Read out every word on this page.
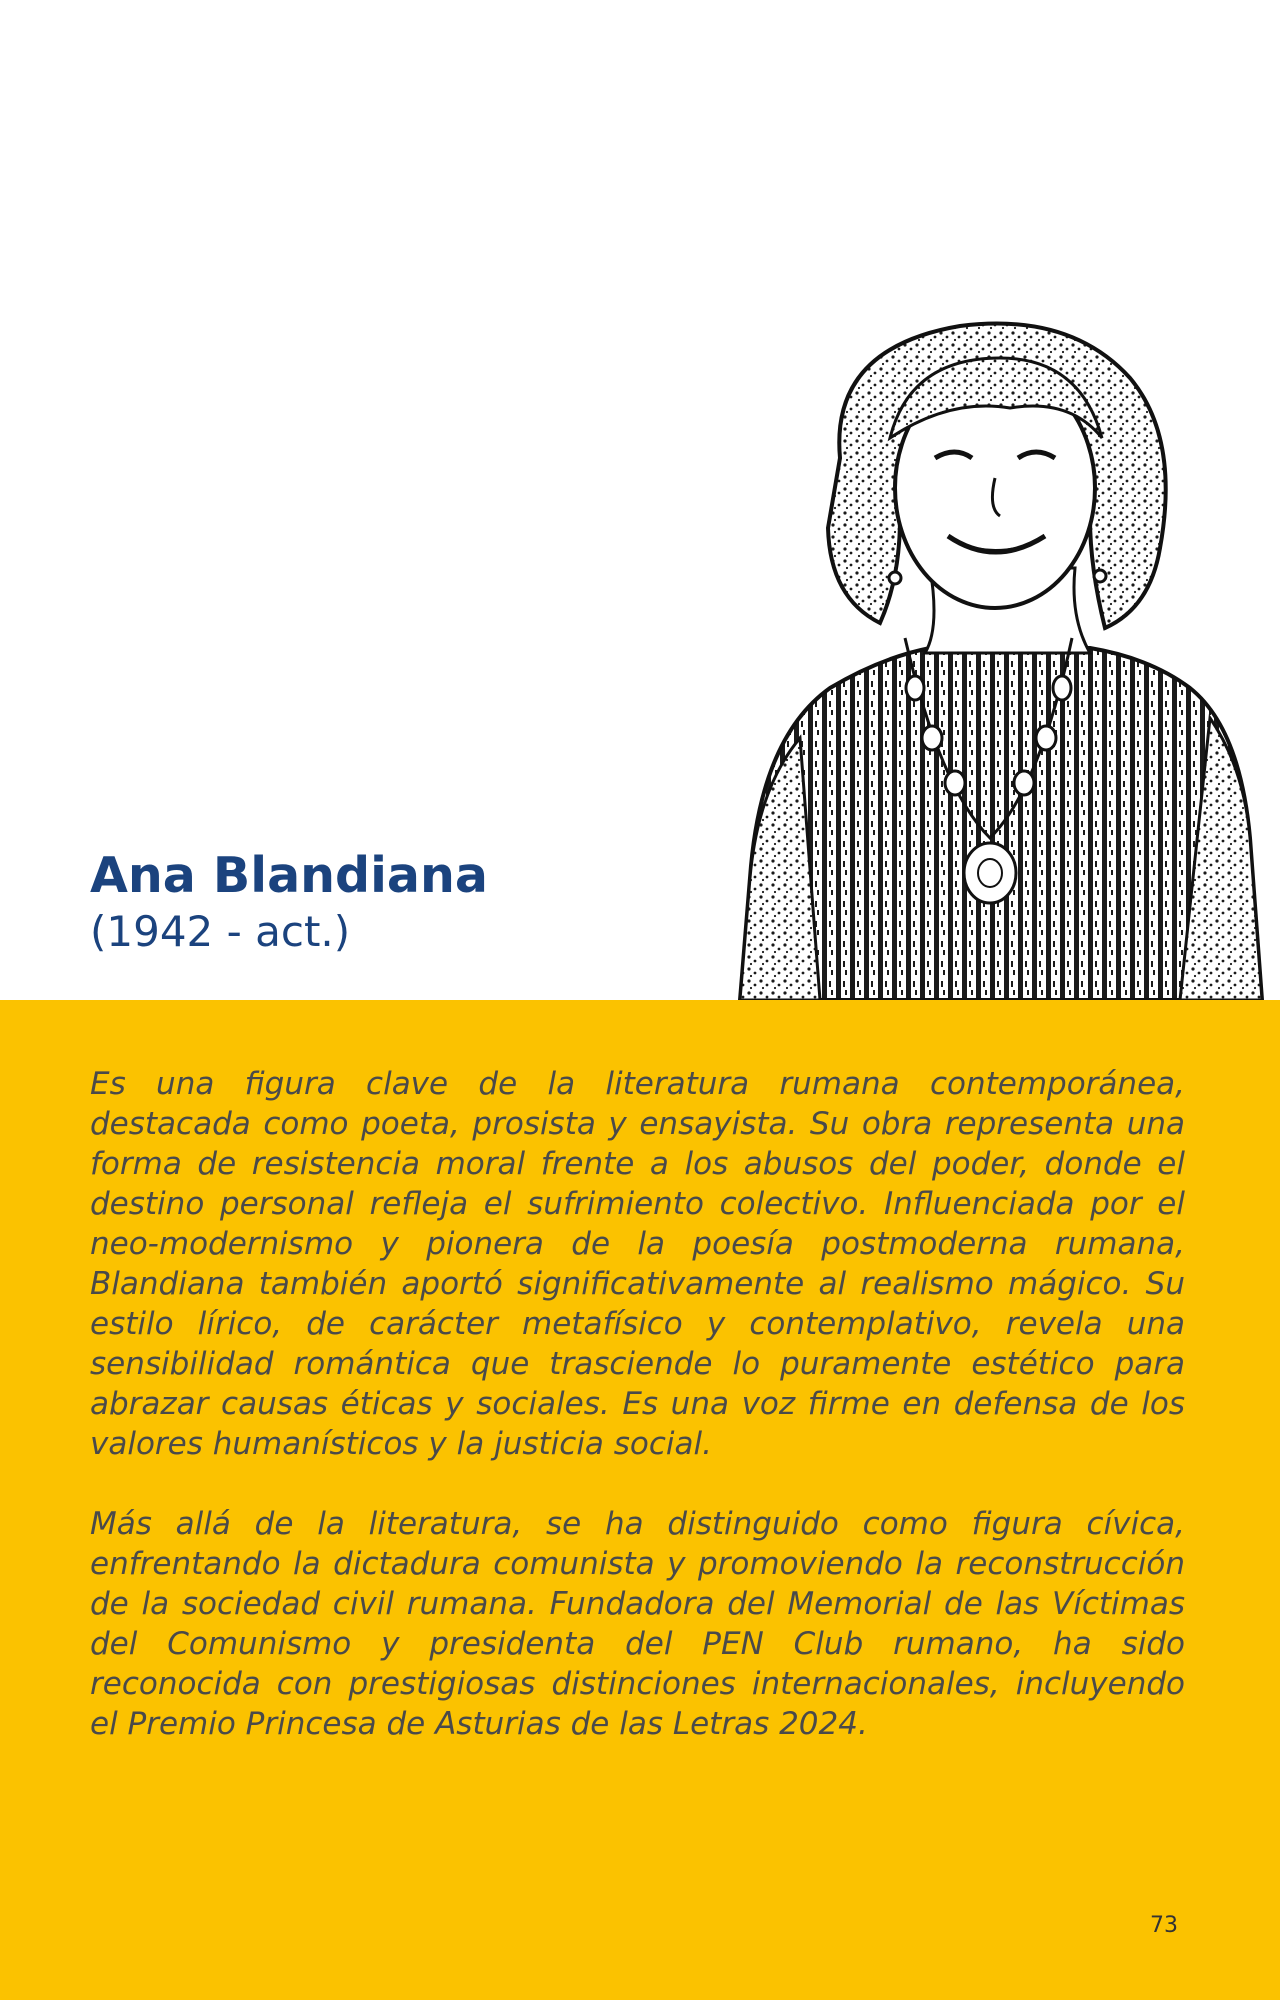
Ana Blandiana
(1942 - act.)

Es una figura clave de la literatura rumana contemporánea, destacada como poeta, prosista y ensayista. Su obra representa una forma de resistencia moral frente a los abusos del poder, donde el destino personal refleja el sufrimiento colectivo. Influenciada por el neo-modernismo y pionera de la poesía postmoderna rumana, Blandiana también aportó significativamente al realismo mágico. Su estilo lírico, de carácter metafísico y contemplativo, revela una sensibilidad romántica que trasciende lo puramente estético para abrazar causas éticas y sociales. Es una voz firme en defensa de los valores humanísticos y la justicia social.

Más allá de la literatura, se ha distinguido como figura cívica, enfrentando la dictadura comunista y promoviendo la reconstrucción de la sociedad civil rumana. Fundadora del Memorial de las Víctimas del Comunismo y presidenta del PEN Club rumano, ha sido reconocida con prestigiosas distinciones internacionales, incluyendo el Premio Princesa de Asturias de las Letras 2024.

73
